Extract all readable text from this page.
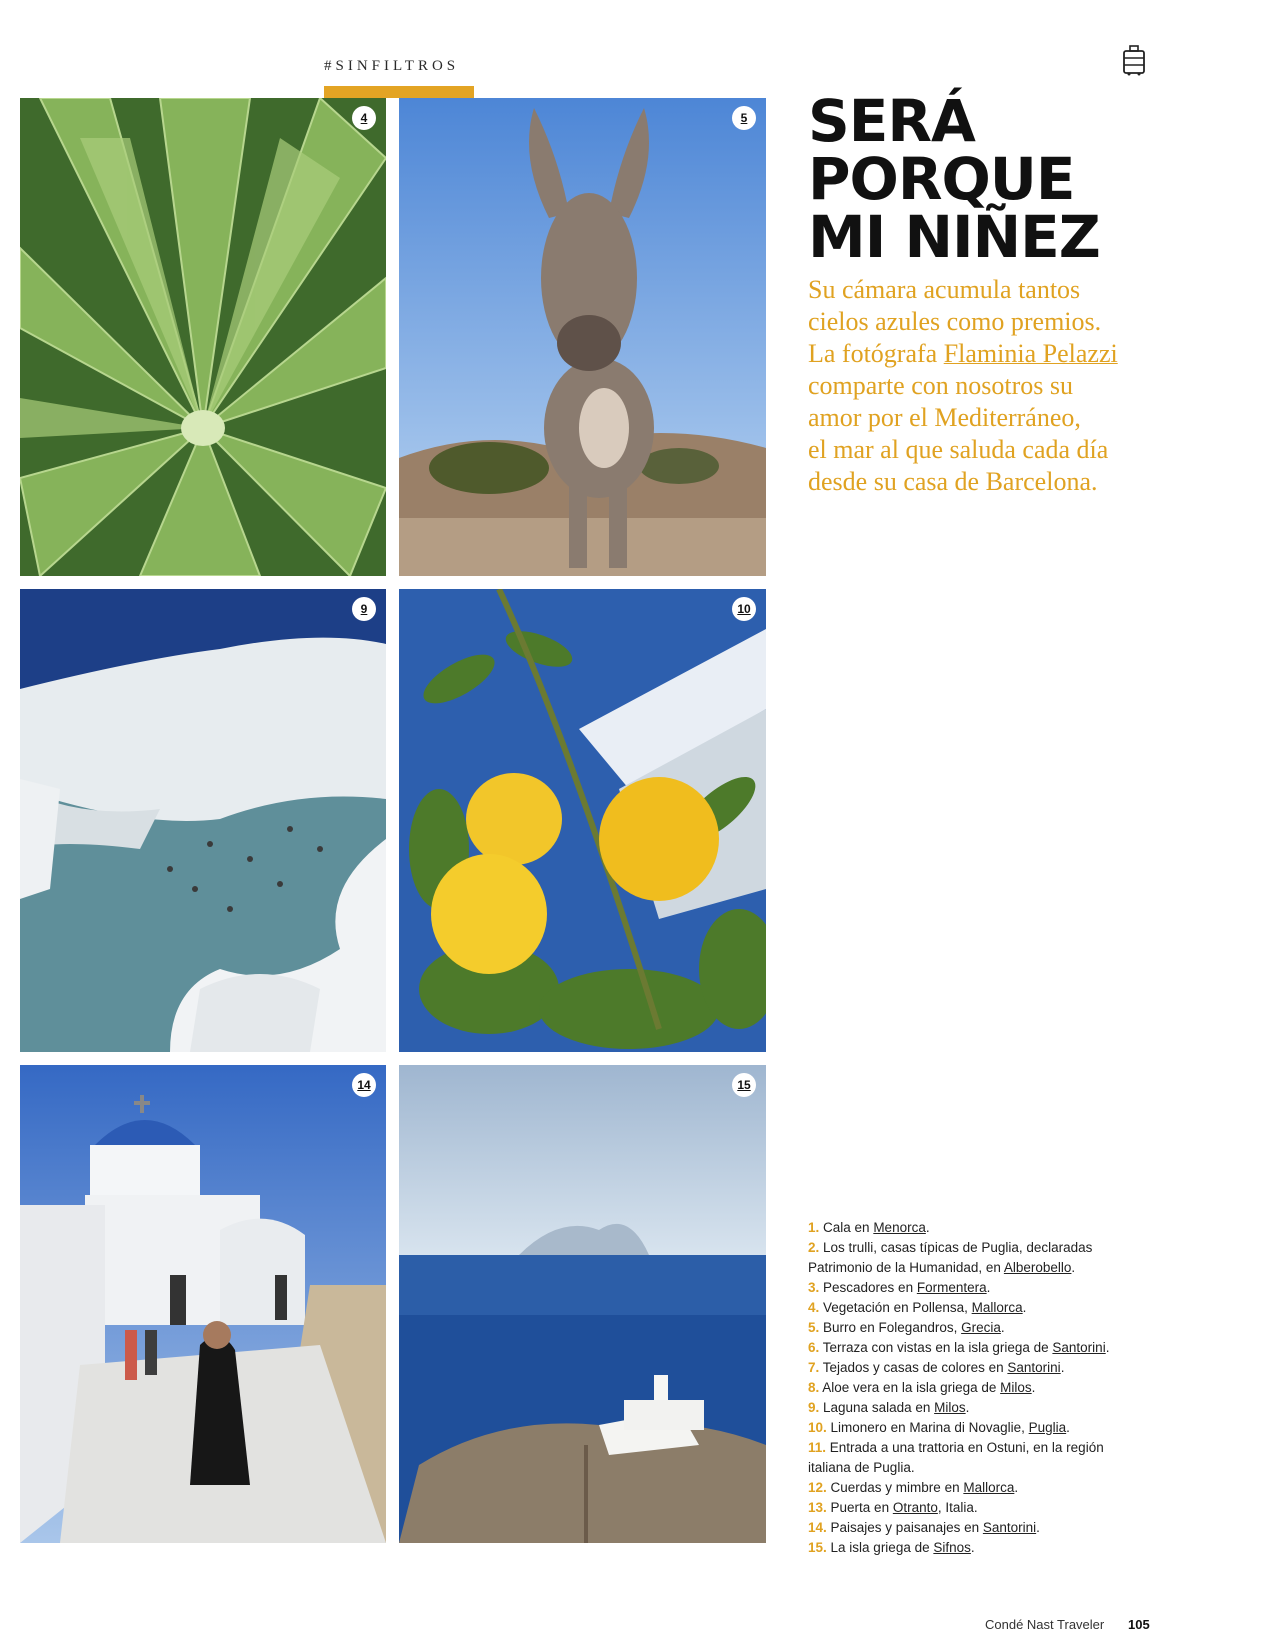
#SINFILTROS
4	5
9	10
14	15
SERÁ
PORQUE
MI NIÑEZ
Su cámara acumula tantos
cielos azules como premios.
La fotógrafa Flaminia Pelazzi
comparte con nosotros su
amor por el Mediterráneo,
el mar al que saluda cada día
desde su casa de Barcelona.
1. Cala en Menorca.
2. Los trulli, casas típicas de Puglia, declaradas Patrimonio de la Humanidad, en Alberobello.
3. Pescadores en Formentera.
4. Vegetación en Pollensa, Mallorca.
5. Burro en Folegandros, Grecia.
6. Terraza con vistas en la isla griega de Santorini.
7. Tejados y casas de colores en Santorini.
8. Aloe vera en la isla griega de Milos.
9. Laguna salada en Milos.
10. Limonero en Marina di Novaglie, Puglia.
11. Entrada a una trattoria en Ostuni, en la región italiana de Puglia.
12. Cuerdas y mimbre en Mallorca.
13. Puerta en Otranto, Italia.
14. Paisajes y paisanajes en Santorini.
15. La isla griega de Sifnos.
Condé Nast Traveler 105
